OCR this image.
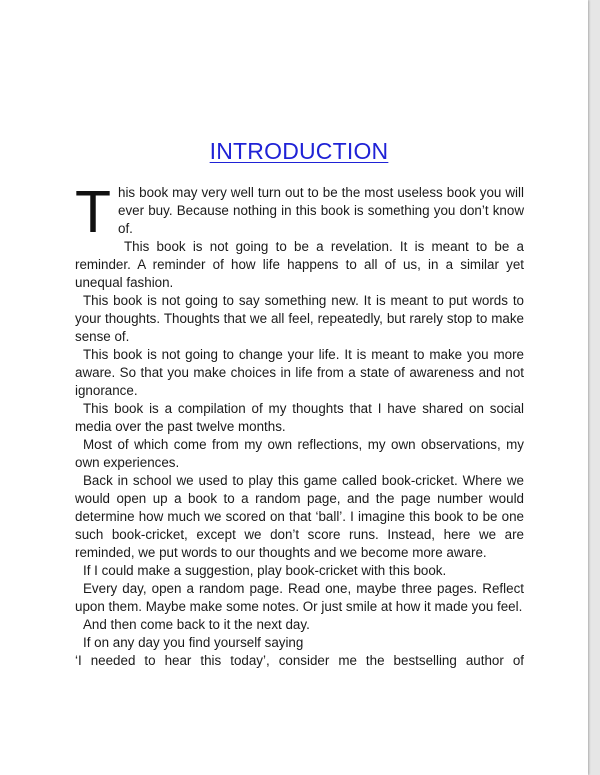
INTRODUCTION
T his book may very well turn out to be the most useless book you will ever buy. Because nothing in this book is something you don’t know of.

This book is not going to be a revelation. It is meant to be a reminder. A reminder of how life happens to all of us, in a similar yet unequal fashion.

This book is not going to say something new. It is meant to put words to your thoughts. Thoughts that we all feel, repeatedly, but rarely stop to make sense of.

This book is not going to change your life. It is meant to make you more aware. So that you make choices in life from a state of awareness and not ignorance.

This book is a compilation of my thoughts that I have shared on social media over the past twelve months.

Most of which come from my own reflections, my own observations, my own experiences.

Back in school we used to play this game called book-cricket. Where we would open up a book to a random page, and the page number would determine how much we scored on that ‘ball’. I imagine this book to be one such book-cricket, except we don’t score runs. Instead, here we are reminded, we put words to our thoughts and we become more aware.

If I could make a suggestion, play book-cricket with this book.

Every day, open a random page. Read one, maybe three pages. Reflect upon them. Maybe make some notes. Or just smile at how it made you feel.

And then come back to it the next day.

If on any day you find yourself saying

‘I needed to hear this today’, consider me the bestselling author of
